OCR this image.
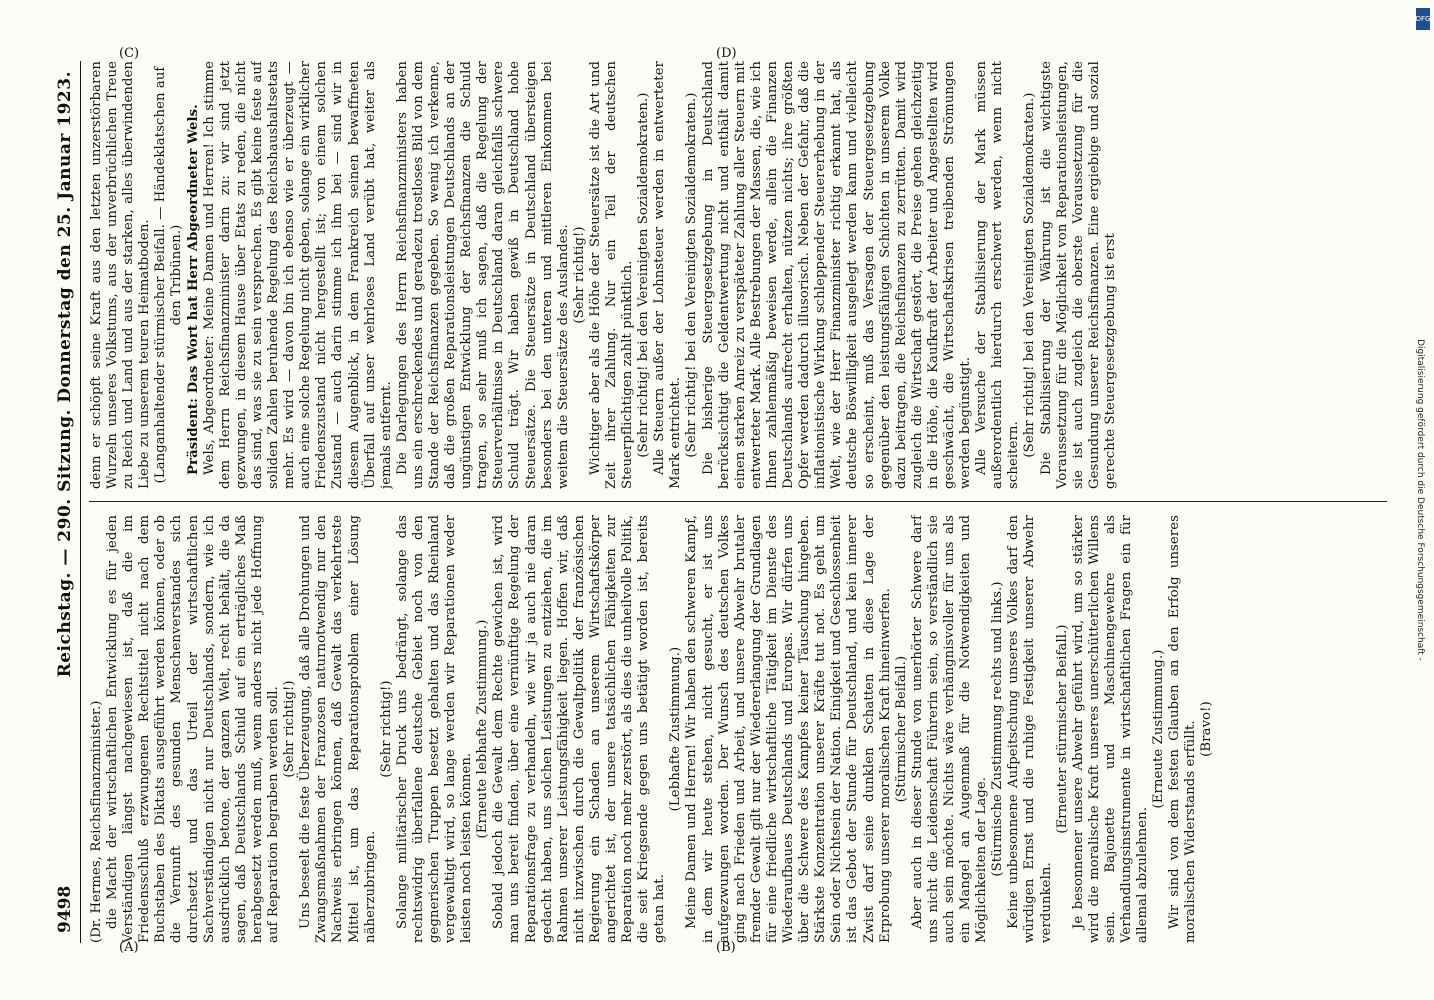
9498
Reichstag. — 290. Sitzung. Donnerstag den 25. Januar 1923.

(Dr. Hermes, Reichsfinanzminister.) die Macht der wirtschaftlichen Entwicklung es für jeden Verständigen längst nachgewiesen ist, daß die im Friedensschluß erzwungenen Rechtstitel nicht nach dem Buchstaben des Diktats ausgeführt werden können, oder ob die Vernunft des gesunden Menschenverstandes sich durchsetzt und das Urteil der wirtschaftlichen Sachverständigen nicht nur Deutschlands, sondern, wie ich ausdrücklich betone, der ganzen Welt, recht behält, die da sagen, daß Deutschlands Schuld auf ein erträgliches Maß herabgesetzt werden muß, wenn anders nicht jede Hoffnung auf Reparation begraben werden soll. (Sehr richtig!) Uns beseelt die feste Überzeugung, daß alle Drohungen und Zwangsmaßnahmen der Franzosen naturnotwendig nur den Nachweis erbringen können, daß Gewalt das verkehrteste Mittel ist, um das Reparationsproblem einer Lösung näherzubringen.

(Sehr richtig!) Solange militärischer Druck uns bedrängt, solange das rechtswidrig überfallene deutsche Gebiet noch von den gegnerischen Truppen besetzt gehalten und das Rheinland vergewaltigt wird, so lange werden wir Reparationen weder leisten noch leisten können.

(Erneute lebhafte Zustimmung.) Sobald jedoch die Gewalt dem Rechte gewichen ist, wird man uns bereit finden, über eine vernünftige Regelung der Reparationsfrage zu verhandeln, wie wir ja auch nie daran gedacht haben, uns solchen Leistungen zu entziehen, die im Rahmen unserer Leistungsfähigkeit liegen. Hoffen wir, daß nicht inzwischen durch die Gewaltpolitik der französischen Regierung ein Schaden an unserem Wirtschaftskörper angerichtet ist, der unsere tatsächlichen Fähigkeiten zur Reparation noch mehr zerstört, als dies die unheilvolle Politik, die seit Kriegsende gegen uns betätigt worden ist, bereits getan hat.

(Lebhafte Zustimmung.) Meine Damen und Herren! Wir haben den schweren Kampf, in dem wir heute stehen, nicht gesucht, er ist uns aufgezwungen worden. Der Wunsch des deutschen Volkes ging nach Frieden und Arbeit, und unsere Abwehr brutaler fremder Gewalt gilt nur der Wiedererlangung der Grundlagen für eine friedliche wirtschaftliche Tätigkeit im Dienste des Wiederaufbaues Deutschlands und Europas. Wir dürfen uns über die Schwere des Kampfes keiner Täuschung hingeben. Stärkste Konzentration unserer Kräfte tut not. Es geht um Sein oder Nichtsein der Nation. Einigkeit und Geschlossenheit ist das Gebot der Stunde für Deutschland, und kein innerer Zwist darf seine dunklen Schatten in diese Lage der Erprobung unserer moralischen Kraft hineinwerfen. (Stürmischer Beifall.) Aber auch in dieser Stunde von unerhörter Schwere darf uns nicht die Leidenschaft Führerin sein, so verständlich sie auch sein möchte. Nichts wäre verhängnisvoller für uns als ein Mangel an Augenmaß für die Notwendigkeiten und Möglichkeiten der Lage. (Stürmische Zustimmung rechts und links.) Keine unbesonnene Aufpeitschung unseres Volkes darf den würdigen Ernst und die ruhige Festigkeit unserer Abwehr verdunkeln.

(Erneuter stürmischer Beifall.) Je besonnener unsere Abwehr geführt wird, um so stärker wird die moralische Kraft unseres unerschütterlichen Willens sein. Bajonette und Maschinengewehre als Verhandlungsinstrumente in wirtschaftlichen Fragen ein für allemal abzulehnen.

(Erneute Zustimmung.) Wir sind von dem festen Glauben an den Erfolg unseres moralischen Widerstands erfüllt. (Bravo!)

denn er schöpft seine Kraft aus den letzten unzerstörbaren Wurzeln unseres Volkstums, aus der unverbrüchlichen Treue zu Reich und Land und aus der starken, alles überwindenden Liebe zu unserem teuren Heimatboden. (Langanhaltender stürmischer Beifall. — Händeklatschen auf den Tribünen.) Präsident: Das Wort hat Herr Abgeordneter Wels. Wels, Abgeordneter: Meine Damen und Herren! Ich stimme dem Herrn Reichsfinanzminister darin zu: wir sind jetzt gezwungen, in diesem Hause über Etats zu reden, die nicht das sind, was sie zu sein versprechen. Es gibt keine feste auf soliden Zahlen beruhende Regelung des Reichshaushaltsetats mehr. Es wird — davon bin ich ebenso wie er überzeugt — auch eine solche Regelung nicht geben, solange ein wirklicher Friedenszustand nicht hergestellt ist; von einem solchen Zustand — auch darin stimme ich ihm bei — sind wir in diesem Augenblick, in dem Frankreich seinen bewaffneten Überfall auf unser wehrloses Land verübt hat, weiter als jemals entfernt. Die Darlegungen des Herrn Reichsfinanzministers haben uns ein erschreckendes und geradezu trostloses Bild von dem Stande der Reichsfinanzen gegeben. So wenig ich verkenne, daß die großen Reparationsleistungen Deutschlands an der ungünstigen Entwicklung der Reichsfinanzen die Schuld tragen, so sehr muß ich sagen, daß die Regelung der Steuerverhältnisse in Deutschland daran gleichfalls schwere Schuld trägt. Wir haben gewiß in Deutschland hohe Steuersätze. Die Steuersätze in Deutschland übersteigen besonders bei den unteren und mittleren Einkommen bei weitem die Steuersätze des Auslandes. (Sehr richtig!) Wichtiger aber als die Höhe der Steuersätze ist die Art und Zeit ihrer Zahlung. Nur ein Teil der deutschen Steuerpflichtigen zahlt pünktlich. (Sehr richtig! bei den Vereinigten Sozialdemokraten.) Alle Steuern außer der Lohnsteuer werden in entwerteter Mark entrichtet. (Sehr richtig! bei den Vereinigten Sozialdemokraten.) Die bisherige Steuergesetzgebung in Deutschland berücksichtigt die Geldentwertung nicht und enthält damit einen starken Anreiz zu verspäteter Zahlung aller Steuern mit entwerteter Mark. Alle Bestrebungen der Massen, die, wie ich Ihnen zahlenmäßig beweisen werde, allein die Finanzen Deutschlands aufrecht erhalten, nützen nichts; ihre größten Opfer werden dadurch illusorisch. Neben der Gefahr, daß die inflationistische Wirkung schleppender Steuererhebung in der Welt, wie der Herr Finanzminister richtig erkannt hat, als deutsche Böswilligkeit ausgelegt werden kann und vielleicht so erscheint, muß das Versagen der Steuergesetzgebung gegenüber den leistungsfähigen Schichten in unserem Volke dazu beitragen, die Reichsfinanzen zu zerrütten. Damit wird zugleich die Wirtschaft gestört, die Preise gehen gleichzeitig in die Höhe, die Kaufkraft der Arbeiter und Angestellten wird geschwächt, die Wirtschaftskrisen treibenden Strömungen werden begünstigt. Alle Versuche der Stabilisierung der Mark müssen außerordentlich hierdurch erschwert werden, wenn nicht scheitern. (Sehr richtig! bei den Vereinigten Sozialdemokraten.) Die Stabilisierung der Währung ist die wichtigste Voraussetzung für die Möglichkeit von Reparationsleistungen, sie ist auch zugleich die oberste Voraussetzung für die Gesundung unserer Reichsfinanzen. Eine ergiebige und sozial gerechte Steuergesetzgebung ist erst

(A)	(B)
(C)	(D)
Digitalisierung gefördert durch die Deutsche Forschungsgemeinschaft -
DFG
